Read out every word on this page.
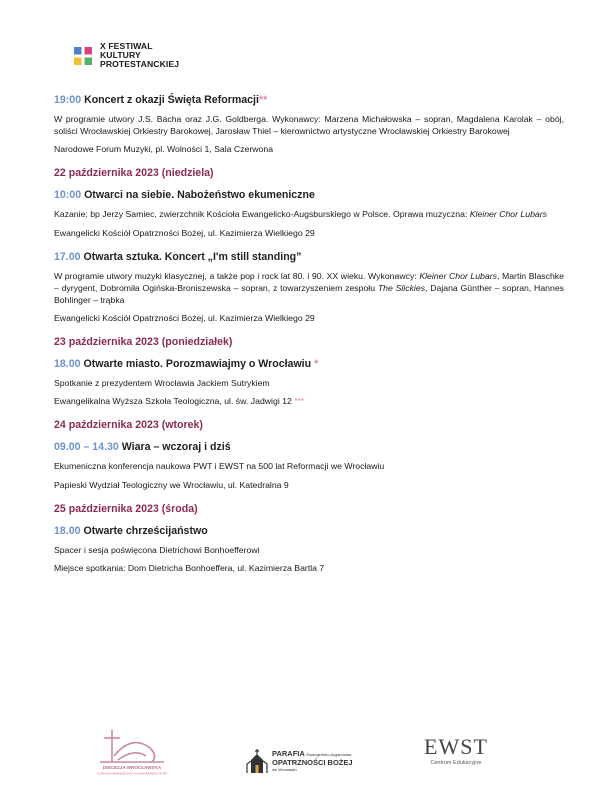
X FESTIWAL
KULTURY
PROTESTANCKIEJ
19:00 Koncert z okazji Święta Reformacji**
W programie utwory J.S. Bacha oraz J.G. Goldberga. Wykonawcy: Marzena Michałowska – sopran, Magdalena Karolak – obój, soliści Wrocławskiej Orkiestry Barokowej, Jarosław Thiel – kierownictwo artystyczne Wrocławskiej Orkiestry Barokowej
Narodowe Forum Muzyki, pl. Wolności 1, Sala Czerwona
22 października 2023 (niedziela)
10:00 Otwarci na siebie. Nabożeństwo ekumeniczne
Kazanie: bp Jerzy Samiec, zwierzchnik Kościoła Ewangelicko-Augsburskiego w Polsce. Oprawa muzyczna: Kleiner Chor Lubars
Ewangelicki Kościół Opatrzności Bożej, ul. Kazimierza Wielkiego 29
17.00 Otwarta sztuka. Koncert „I'm still standing”
W programie utwory muzyki klasycznej, a także pop i rock lat 80. i 90. XX wieku. Wykonawcy: Kleiner Chor Lubars, Martin Blaschke – dyrygent, Dobromiła Ogińska-Broniszewska – sopran, z towarzyszeniem zespołu The Slickies, Dajana Günther – sopran, Hannes Bohlinger – trąbka
Ewangelicki Kościół Opatrzności Bożej, ul. Kazimierza Wielkiego 29
23 października 2023 (poniedziałek)
18.00 Otwarte miasto. Porozmawiajmy o Wrocławiu *
Spotkanie z prezydentem Wrocławia Jackiem Sutrykiem
Ewangelikalna Wyższa Szkoła Teologiczna, ul. św. Jadwigi 12 ***
24 października 2023 (wtorek)
09.00 – 14.30 Wiara – wczoraj i dziś
Ekumeniczna konferencja naukowa PWT i EWST na 500 lat Reformacji we Wrocławiu
Papieski Wydział Teologiczny we Wrocławiu, ul. Katedralna 9
25 października 2023 (środa)
18.00 Otwarte chrześcijaństwo
Spacer i sesja poświęcona Dietrichowi Bonhoefferowi
Miejsce spotkania: Dom Dietricha Bonhoeffera, ul. Kazimierza Bartla 7
DIECEZJA WROCŁAWSKA
KOŚCIOŁA EWANGELICKO-AUGSBURSKIEGO W RP
PARAFIA Ewangelicko-Augsburska
OPATRZNOŚCI BOŻEJ
we Wrocławiu
EWST
Centrum Edukacyjne
